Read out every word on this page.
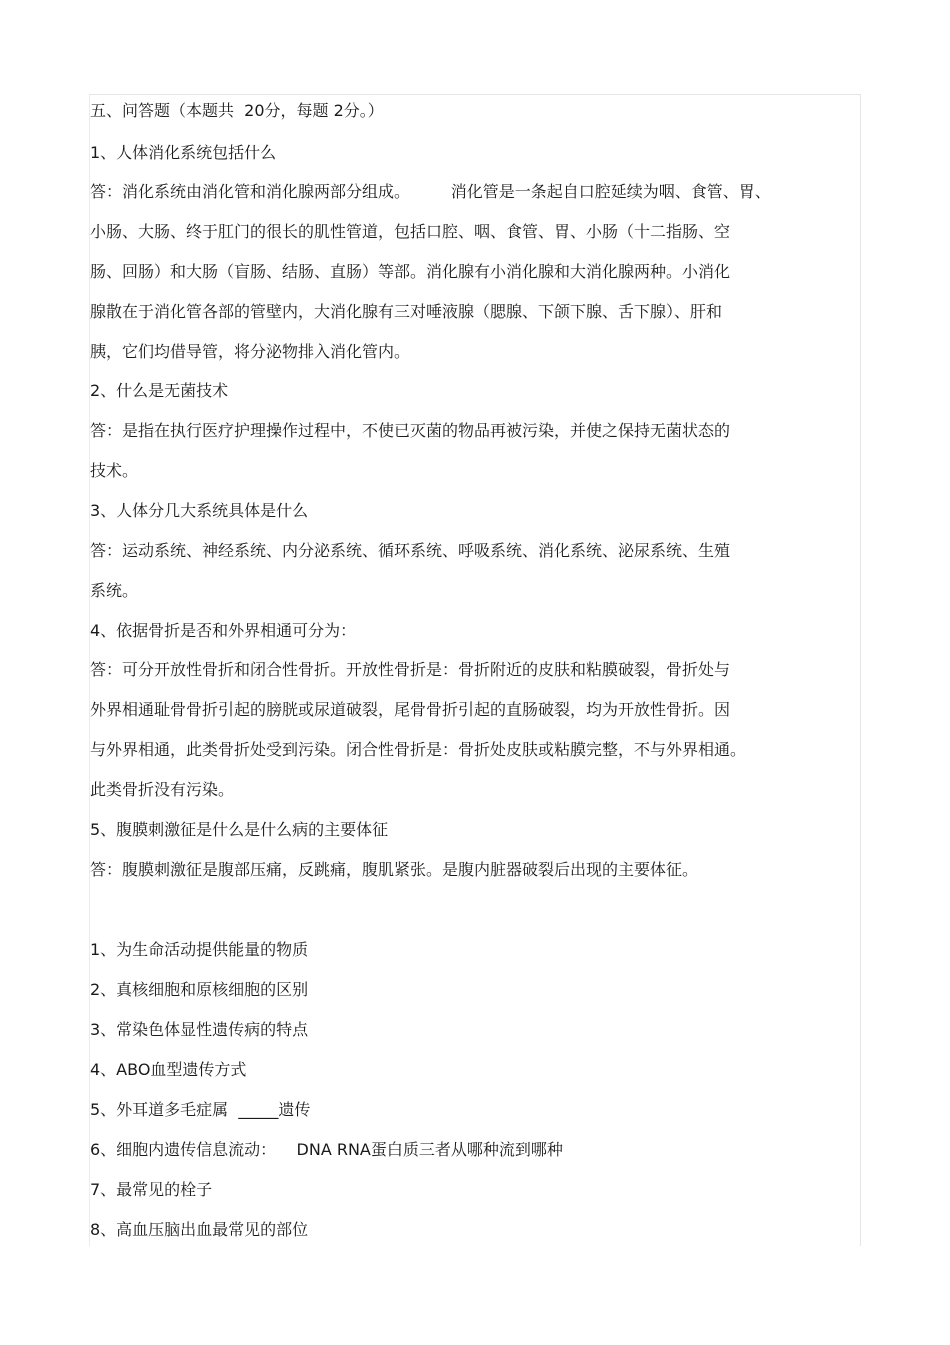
五、问答题（本题共  20分，每题 2分。）
1、人体消化系统包括什么
答：消化系统由消化管和消化腺两部分组成。        消化管是一条起自口腔延续为咽、食管、胃、
小肠、大肠、终于肛门的很长的肌性管道，包括口腔、咽、食管、胃、小肠（十二指肠、空
肠、回肠）和大肠（盲肠、结肠、直肠）等部。消化腺有小消化腺和大消化腺两种。小消化
腺散在于消化管各部的管壁内，大消化腺有三对唾液腺（腮腺、下颌下腺、舌下腺）、肝和
胰，它们均借导管，将分泌物排入消化管内。
2、什么是无菌技术
答：是指在执行医疗护理操作过程中，不使已灭菌的物品再被污染，并使之保持无菌状态的
技术。
3、人体分几大系统具体是什么
答：运动系统、神经系统、内分泌系统、循环系统、呼吸系统、消化系统、泌尿系统、生殖
系统。
4、依据骨折是否和外界相通可分为：
答：可分开放性骨折和闭合性骨折。开放性骨折是：骨折附近的皮肤和粘膜破裂，骨折处与
外界相通耻骨骨折引起的膀胱或尿道破裂，尾骨骨折引起的直肠破裂，均为开放性骨折。因
与外界相通，此类骨折处受到污染。闭合性骨折是：骨折处皮肤或粘膜完整，不与外界相通。
此类骨折没有污染。
5、腹膜刺激征是什么是什么病的主要体征
答：腹膜刺激征是腹部压痛，反跳痛，腹肌紧张。是腹内脏器破裂后出现的主要体征。
1、为生命活动提供能量的物质
2、真核细胞和原核细胞的区别
3、常染色体显性遗传病的特点
4、ABO血型遗传方式
5、外耳道多毛症属  _____遗传
6、细胞内遗传信息流动：    DNA RNA蛋白质三者从哪种流到哪种
7、最常见的栓子
8、高血压脑出血最常见的部位
